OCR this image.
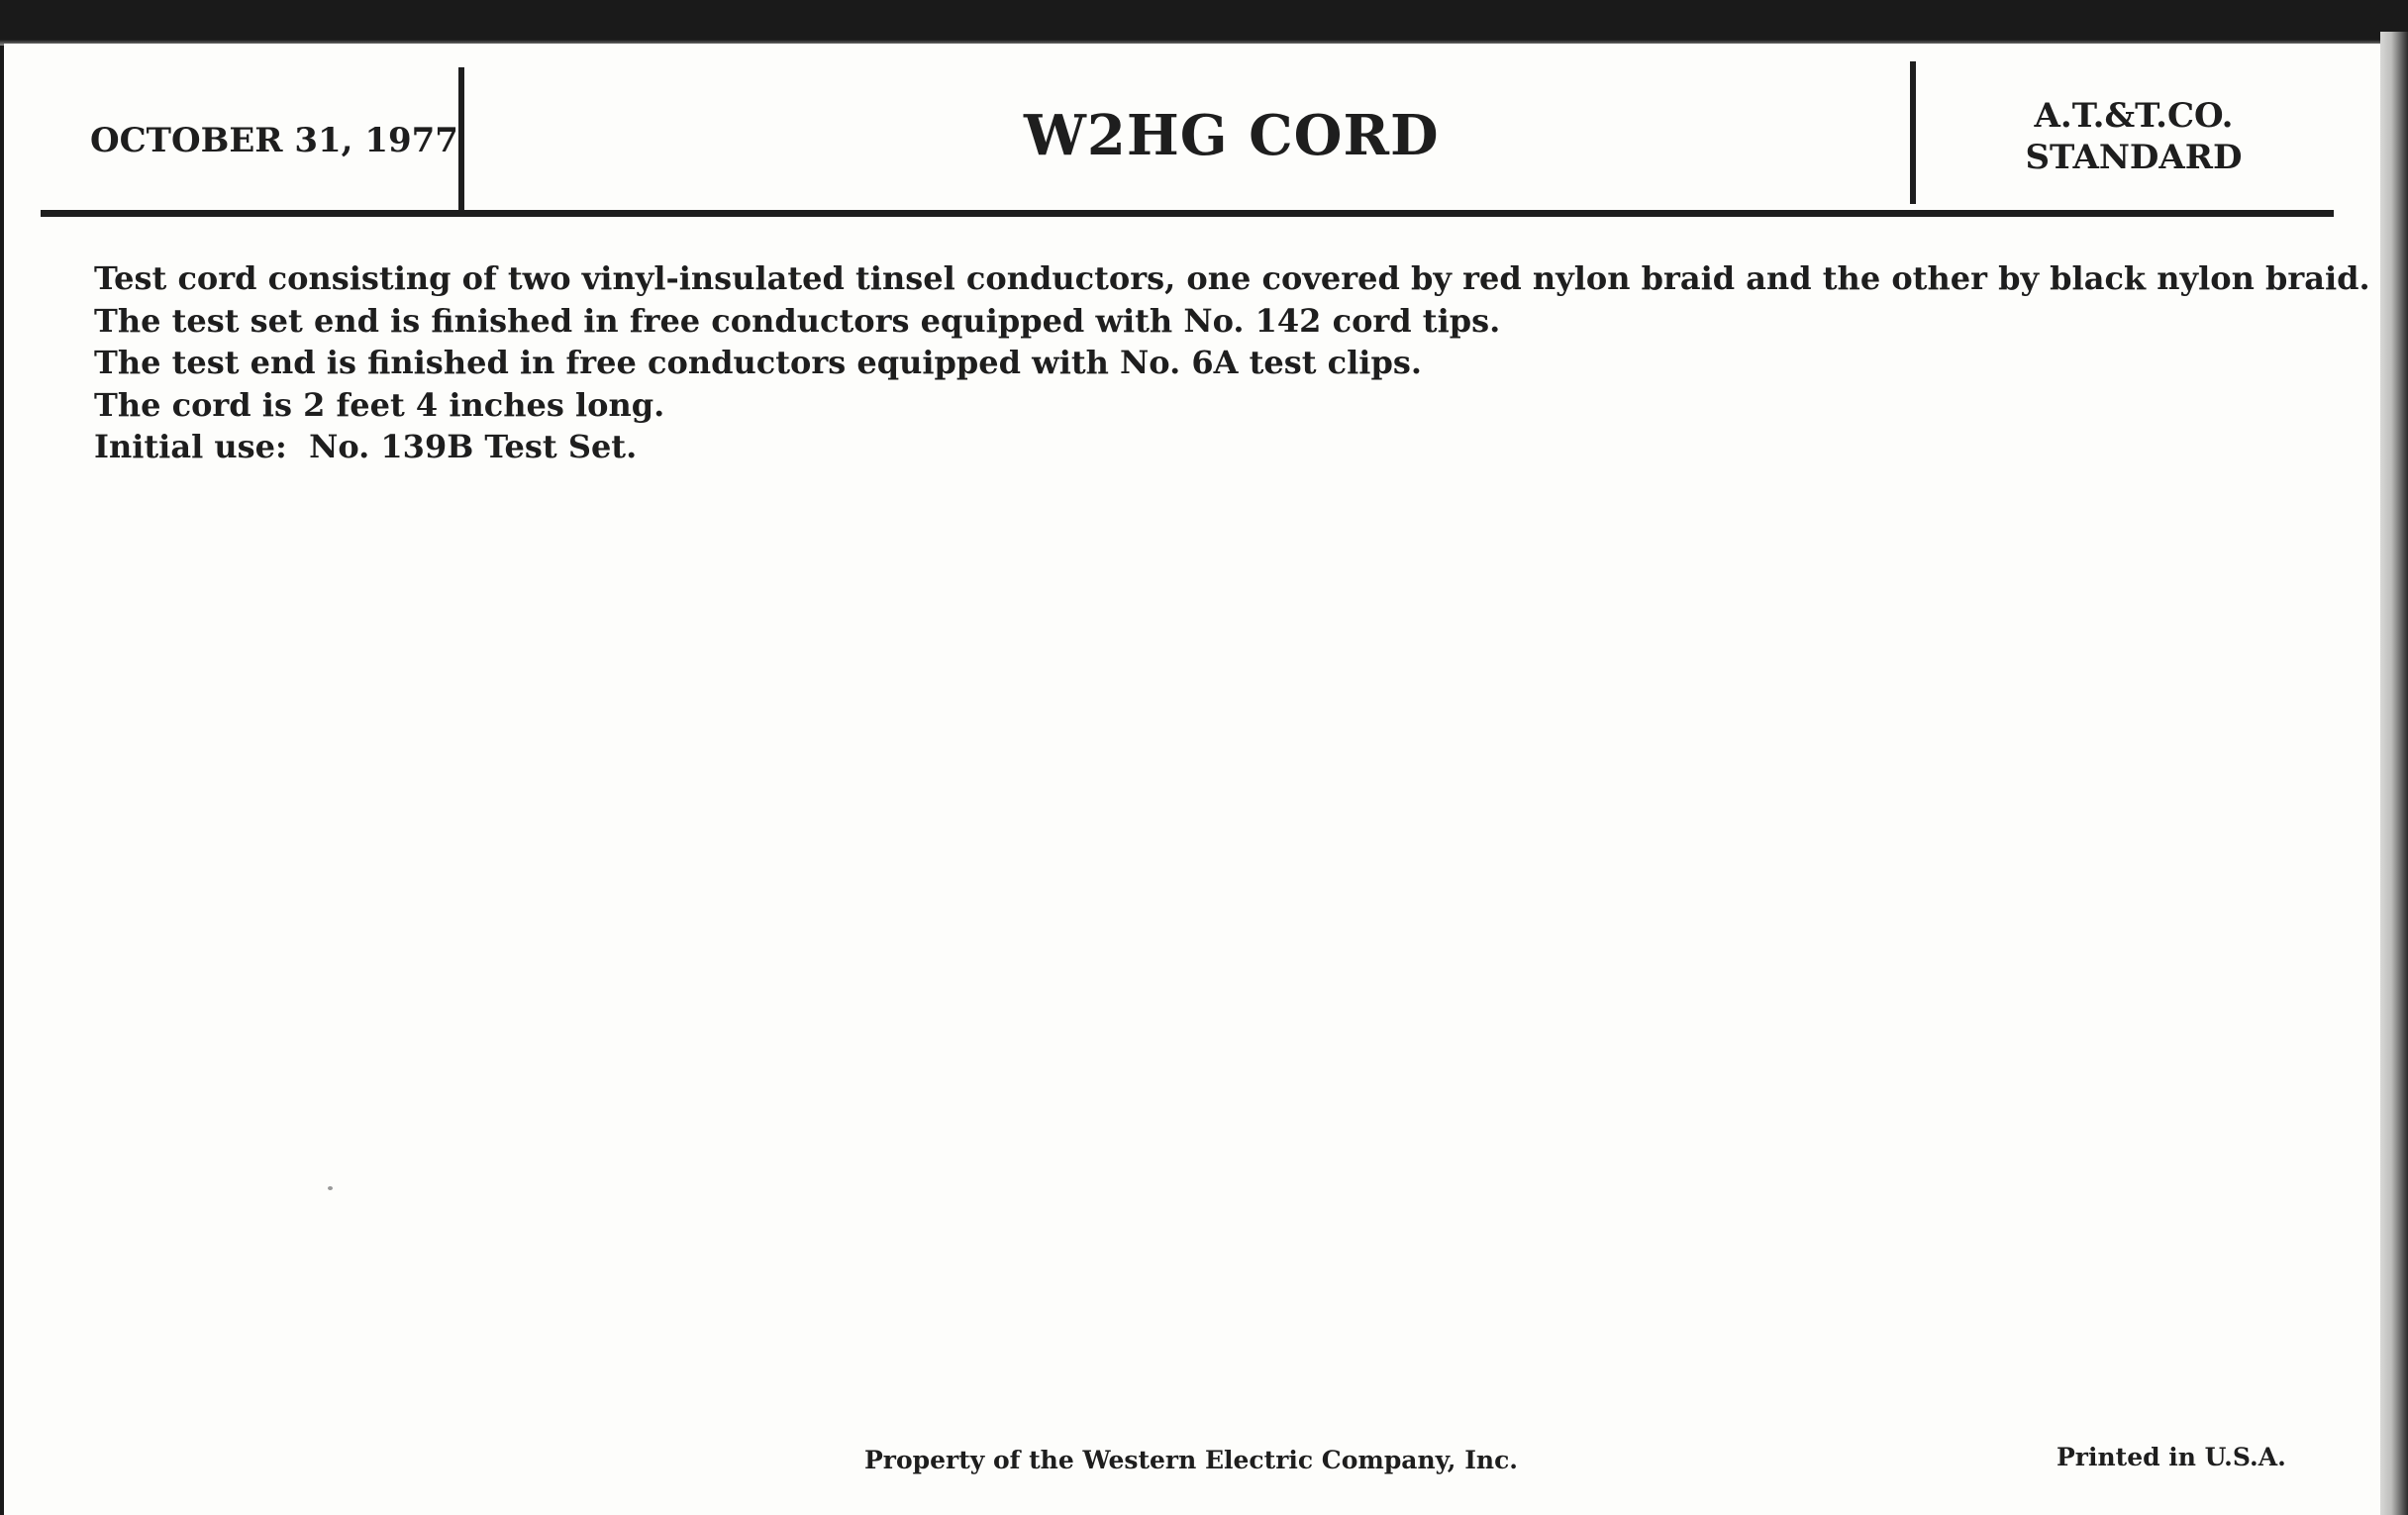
OCTOBER 31, 1977	W2HG CORD	A.T.&T.CO.
STANDARD
Test cord consisting of two vinyl-insulated tinsel conductors, one covered by red nylon braid and the other by black nylon braid.
The test set end is finished in free conductors equipped with No. 142 cord tips.
The test end is finished in free conductors equipped with No. 6A test clips.
The cord is 2 feet 4 inches long.
Initial use:  No. 139B Test Set.
Property of the Western Electric Company, Inc.	Printed in U.S.A.
